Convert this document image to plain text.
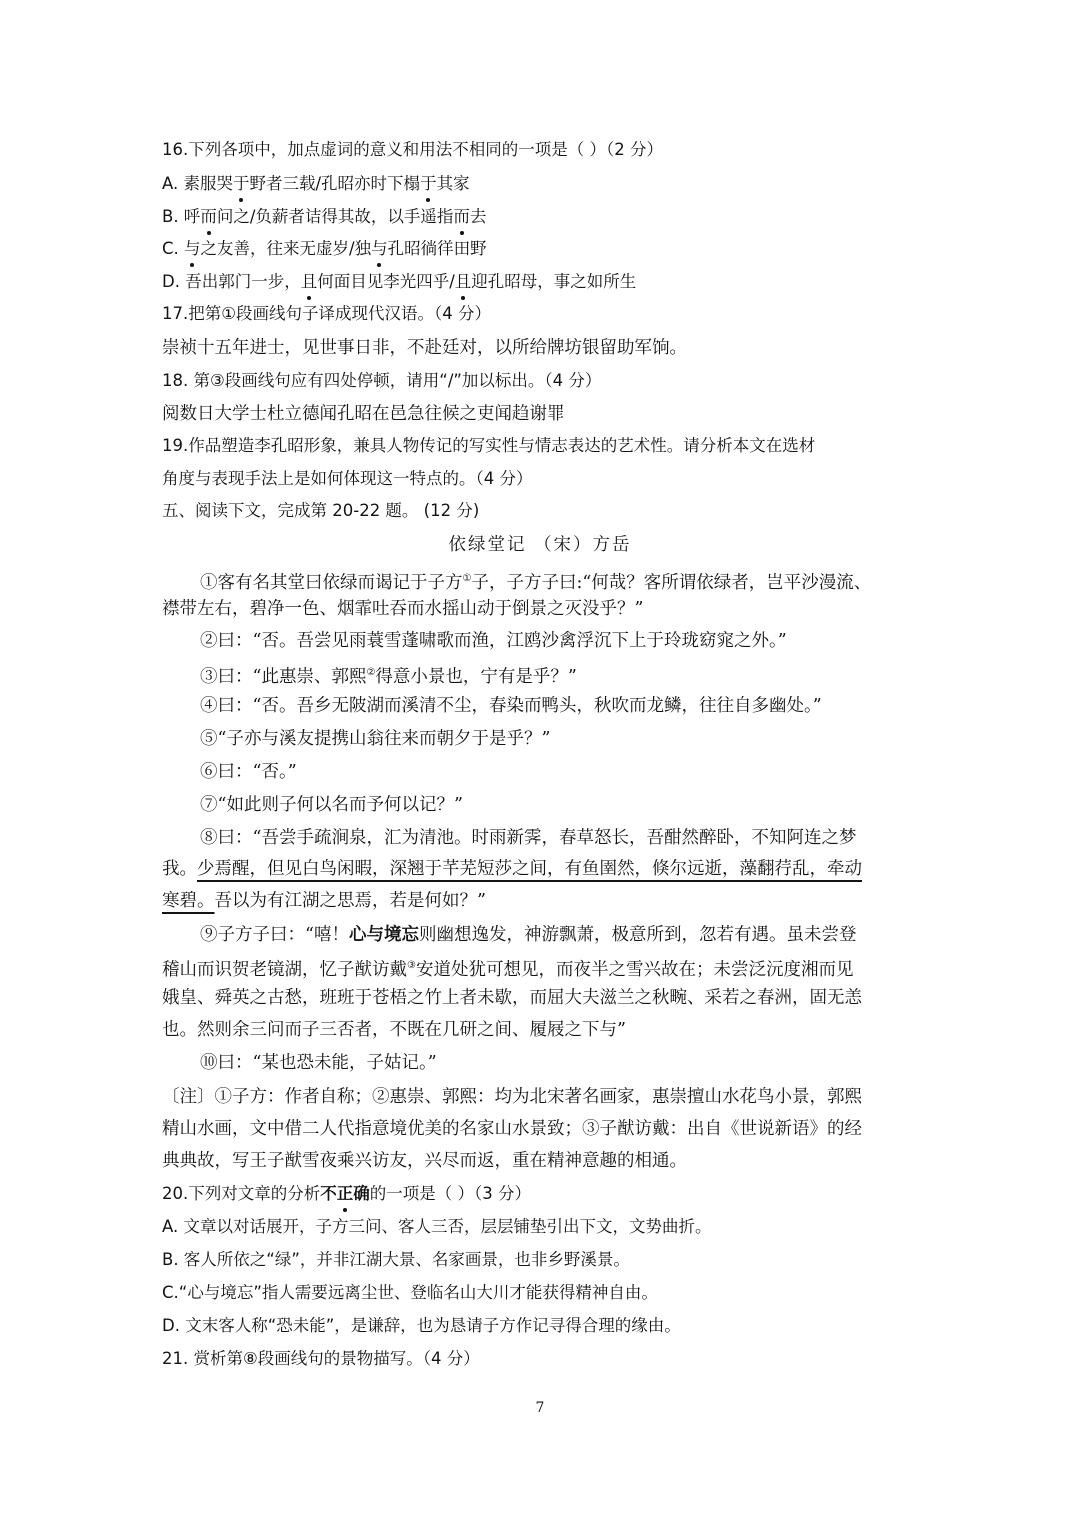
16.下列各项中，加点虚词的意义和用法不相同的一项是（ ）（2 分）
A. 素服哭于野者三载/孔昭亦时下榻于其家
B. 呼而问之/负薪者诘得其故，以手遥指而去
C. 与之友善，往来无虚岁/独与孔昭徜徉田野
D. 吾出郭门一步，且何面目见李光四乎/且迎孔昭母，事之如所生
17.把第①段画线句子译成现代汉语。（4 分）
崇祯十五年进士，见世事日非，不赴廷对，以所给牌坊银留助军饷。
18. 第③段画线句应有四处停顿，请用“/”加以标出。（4 分）
阅数日大学士杜立德闻孔昭在邑急往候之吏闻趋谢罪
19.作品塑造李孔昭形象，兼具人物传记的写实性与情志表达的艺术性。请分析本文在选材
角度与表现手法上是如何体现这一特点的。（4 分）
五、阅读下文，完成第 20-22 题。 (12 分)
依绿堂记 （宋）方岳
①客有名其堂曰依绿而谒记于子方①子，子方子曰:“何哉？客所谓依绿者，岂平沙漫流、
襟带左右，碧净一色、烟霏吐吞而水摇山动于倒景之灭没乎？”
②曰：“否。吾尝见雨蓑雪蓬啸歌而渔，江鸥沙禽浮沉下上于玲珑窈窕之外。”
③曰：“此惠崇、郭熙②得意小景也，宁有是乎？”
④曰：“否。吾乡无陂湖而溪清不尘，春染而鸭头，秋吹而龙鳞，往往自多幽处。”
⑤“子亦与溪友提携山翁往来而朝夕于是乎？”
⑥曰：“否。”
⑦“如此则子何以名而予何以记？”
⑧曰：“吾尝手疏涧泉，汇为清池。时雨新霁，春草怒长，吾酣然醉卧，不知阿连之梦
我。少焉醒，但见白鸟闲暇，深翘于芊芜短莎之间，有鱼圉然，倏尔远逝，藻翻荇乱，牵动
寒碧。吾以为有江湖之思焉，若是何如？”
⑨子方子曰：“嘻！心与境忘则幽想逸发，神游飘萧，极意所到，忽若有遇。虽未尝登
稽山而识贺老镜湖，忆子猷访戴③安道处犹可想见，而夜半之雪兴故在；未尝泛沅度湘而见
娥皇、舜英之古愁，班班于苍梧之竹上者未歇，而屈大夫滋兰之秋畹、采若之春洲，固无恙
也。然则余三问而子三否者，不既在几研之间、履屐之下与”
⑩曰：“某也恐未能，子姑记。”
〔注〕①子方：作者自称；②惠崇、郭熙：均为北宋著名画家，惠崇擅山水花鸟小景，郭熙
精山水画，文中借二人代指意境优美的名家山水景致；③子猷访戴：出自《世说新语》的经
典典故，写王子猷雪夜乘兴访友，兴尽而返，重在精神意趣的相通。
20.下列对文章的分析不正确的一项是（ ）（3 分）
A. 文章以对话展开，子方三问、客人三否，层层铺垫引出下文，文势曲折。
B. 客人所依之“绿”，并非江湖大景、名家画景，也非乡野溪景。
C.“心与境忘”指人需要远离尘世、登临名山大川才能获得精神自由。
D. 文末客人称“恐未能”，是谦辞，也为恳请子方作记寻得合理的缘由。
21. 赏析第⑧段画线句的景物描写。（4 分）
7
